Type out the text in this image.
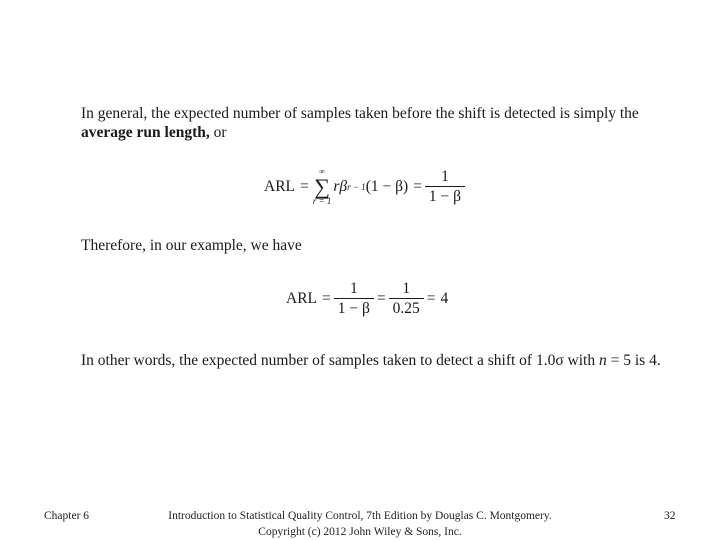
In general, the expected number of samples taken before the shift is detected is simply the average run length, or

ARL =
∞
∑
r = 1
r β r − 1 $(1 - \beta) = \frac{1}{1 - \beta}$

Therefore, in our example, we have

ARL = $\frac{1}{1 - \beta} = \frac{1}{0.25} = 4$

In other words, the expected number of samples taken to detect a shift of 1.0σ with n = 5 is 4.

Chapter 6	Introduction to Statistical Quality Control, 7th Edition by Douglas C. Montgomery.
Copyright (c) 2012 John Wiley & Sons, Inc.
32
